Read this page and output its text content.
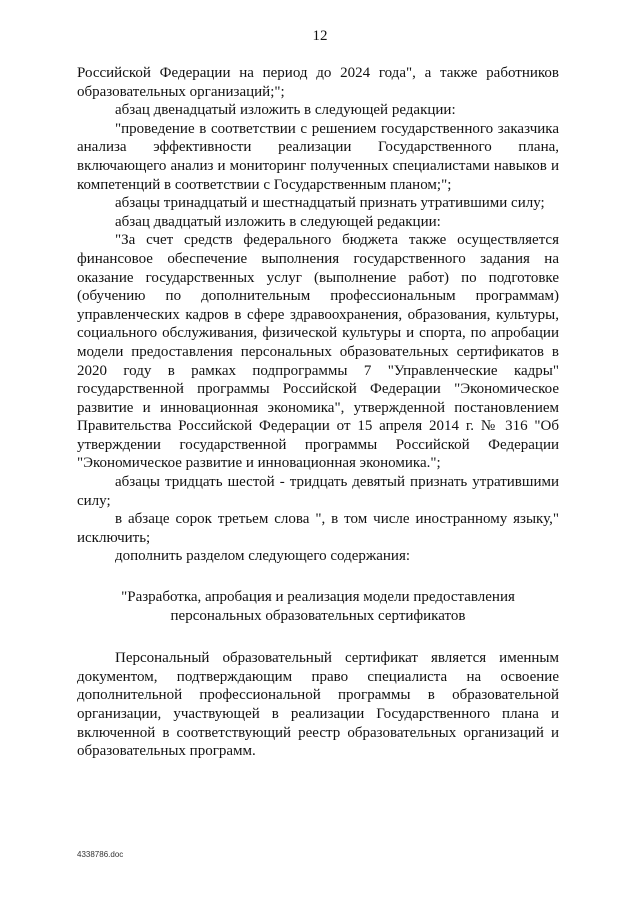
12

Российской Федерации на период до 2024 года", а также работников образовательных организаций;";

абзац двенадцатый изложить в следующей редакции:

"проведение в соответствии с решением государственного заказчика анализа эффективности реализации Государственного плана, включающего анализ и мониторинг полученных специалистами навыков и компетенций в соответствии с Государственным планом;";

абзацы тринадцатый и шестнадцатый признать утратившими силу;

абзац двадцатый изложить в следующей редакции:

"За счет средств федерального бюджета также осуществляется финансовое обеспечение выполнения государственного задания на оказание государственных услуг (выполнение работ) по подготовке (обучению по дополнительным профессиональным программам) управленческих кадров в сфере здравоохранения, образования, культуры, социального обслуживания, физической культуры и спорта, по апробации модели предоставления персональных образовательных сертификатов в 2020 году в рамках подпрограммы 7 "Управленческие кадры" государственной программы Российской Федерации "Экономическое развитие и инновационная экономика", утвержденной постановлением Правительства Российской Федерации от 15 апреля 2014 г. № 316 "Об утверждении государственной программы Российской Федерации "Экономическое развитие и инновационная экономика.";

абзацы тридцать шестой - тридцать девятый признать утратившими силу;

в абзаце сорок третьем слова ", в том числе иностранному языку," исключить;

дополнить разделом следующего содержания:

"Разработка, апробация и реализация модели предоставления персональных образовательных сертификатов

Персональный образовательный сертификат является именным документом, подтверждающим право специалиста на освоение дополнительной профессиональной программы в образовательной организации, участвующей в реализации Государственного плана и включенной в соответствующий реестр образовательных организаций и образовательных программ.

4338786.doc
